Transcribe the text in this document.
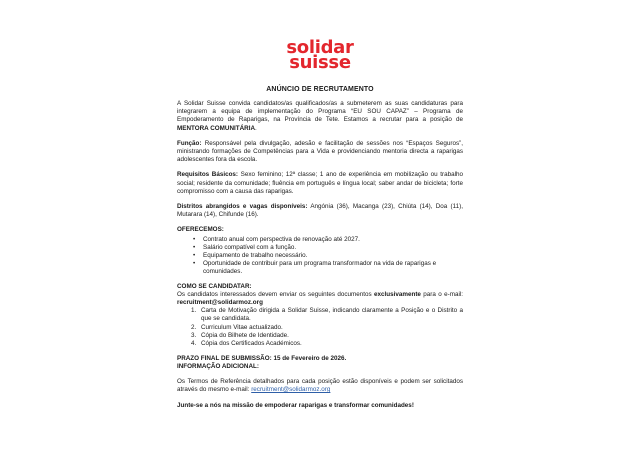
solidar
suisse
ANÚNCIO DE RECRUTAMENTO

A Solidar Suisse convida candidatos/as qualificados/as a submeterem as suas candidaturas para integrarem a equipa de implementação do Programa “EU SOU CAPAZ” – Programa de Empoderamento de Raparigas, na Província de Tete. Estamos a recrutar para a posição de MENTORA COMUNITÁRIA.

Função: Responsável pela divulgação, adesão e facilitação de sessões nos “Espaços Seguros”, ministrando formações de Competências para a Vida e providenciando mentoria directa a raparigas adolescentes fora da escola.

Requisitos Básicos: Sexo feminino; 12ª classe; 1 ano de experiência em mobilização ou trabalho social; residente da comunidade; fluência em português e língua local; saber andar de bicicleta; forte compromisso com a causa das raparigas.

Distritos abrangidos e vagas disponíveis: Angónia (36), Macanga (23), Chiúta (14), Doa (11), Mutarara (14), Chifunde (16).

OFERECEMOS:

• Contrato anual com perspectiva de renovação até 2027.
• Salário compatível com a função.
• Equipamento de trabalho necessário.
• Oportunidade de contribuir para um programa transformador na vida de raparigas e comunidades.

COMO SE CANDIDATAR:

Os candidatos interessados devem enviar os seguintes documentos exclusivamente para o e-mail: recruitment@solidarmoz.org

1. Carta de Motivação dirigida a Solidar Suisse, indicando claramente a Posição e o Distrito a que se candidata.
2. Curriculum Vitae actualizado.
3. Cópia do Bilhete de Identidade.
4. Cópia dos Certificados Académicos.

PRAZO FINAL DE SUBMISSÃO: 15 de Fevereiro de 2026.

INFORMAÇÃO ADICIONAL:

Os Termos de Referência detalhados para cada posição estão disponíveis e podem ser solicitados através do mesmo e-mail: recruitment@solidarmoz.org

Junte-se a nós na missão de empoderar raparigas e transformar comunidades!
